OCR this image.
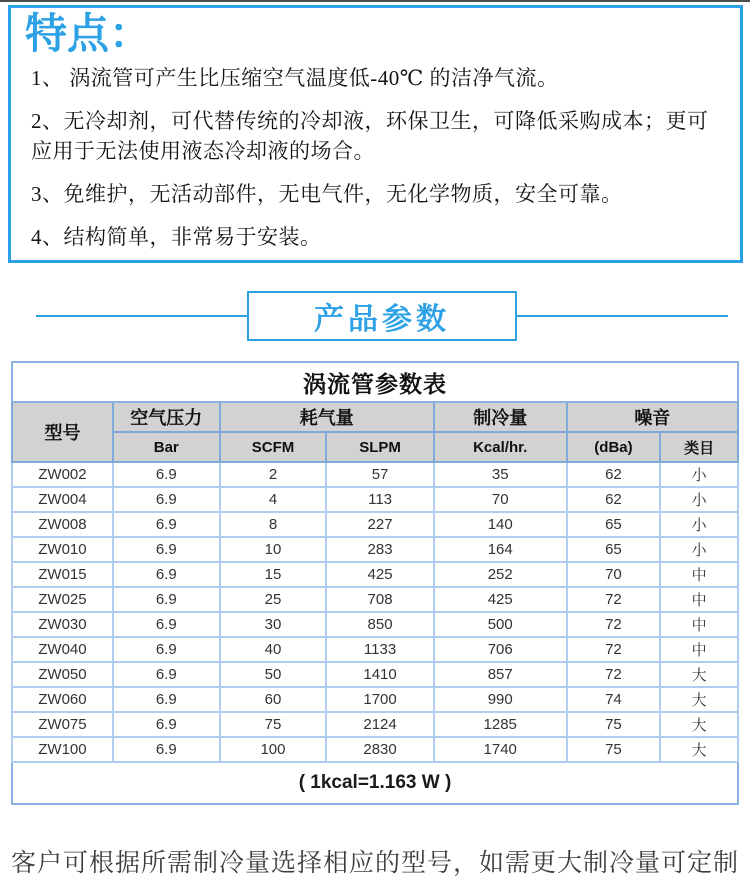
特点：
1、 涡流管可产生比压缩空气温度低-40℃ 的洁净气流。
2、无冷却剂，可代替传统的冷却液，环保卫生，可降低采购成本；更可应用于无法使用液态冷却液的场合。
3、免维护，无活动部件，无电气件，无化学物质，安全可靠。
4、结构简单，非常易于安装。
产品参数
涡流管参数表						
型号	空气压力	耗气量		制冷量	噪音	
	Bar	SCFM	SLPM	Kcal/hr.	(dBa)	类目
ZW002	6.9	2	57	35	62	小
ZW004	6.9	4	113	70	62	小
ZW008	6.9	8	227	140	65	小
ZW010	6.9	10	283	164	65	小
ZW015	6.9	15	425	252	70	中
ZW025	6.9	25	708	425	72	中
ZW030	6.9	30	850	500	72	中
ZW040	6.9	40	1133	706	72	中
ZW050	6.9	50	1410	857	72	大
ZW060	6.9	60	1700	990	74	大
ZW075	6.9	75	2124	1285	75	大
ZW100	6.9	100	2830	1740	75	大
( 1kcal=1.163 W )						

客户可根据所需制冷量选择相应的型号，如需更大制冷量可定制
